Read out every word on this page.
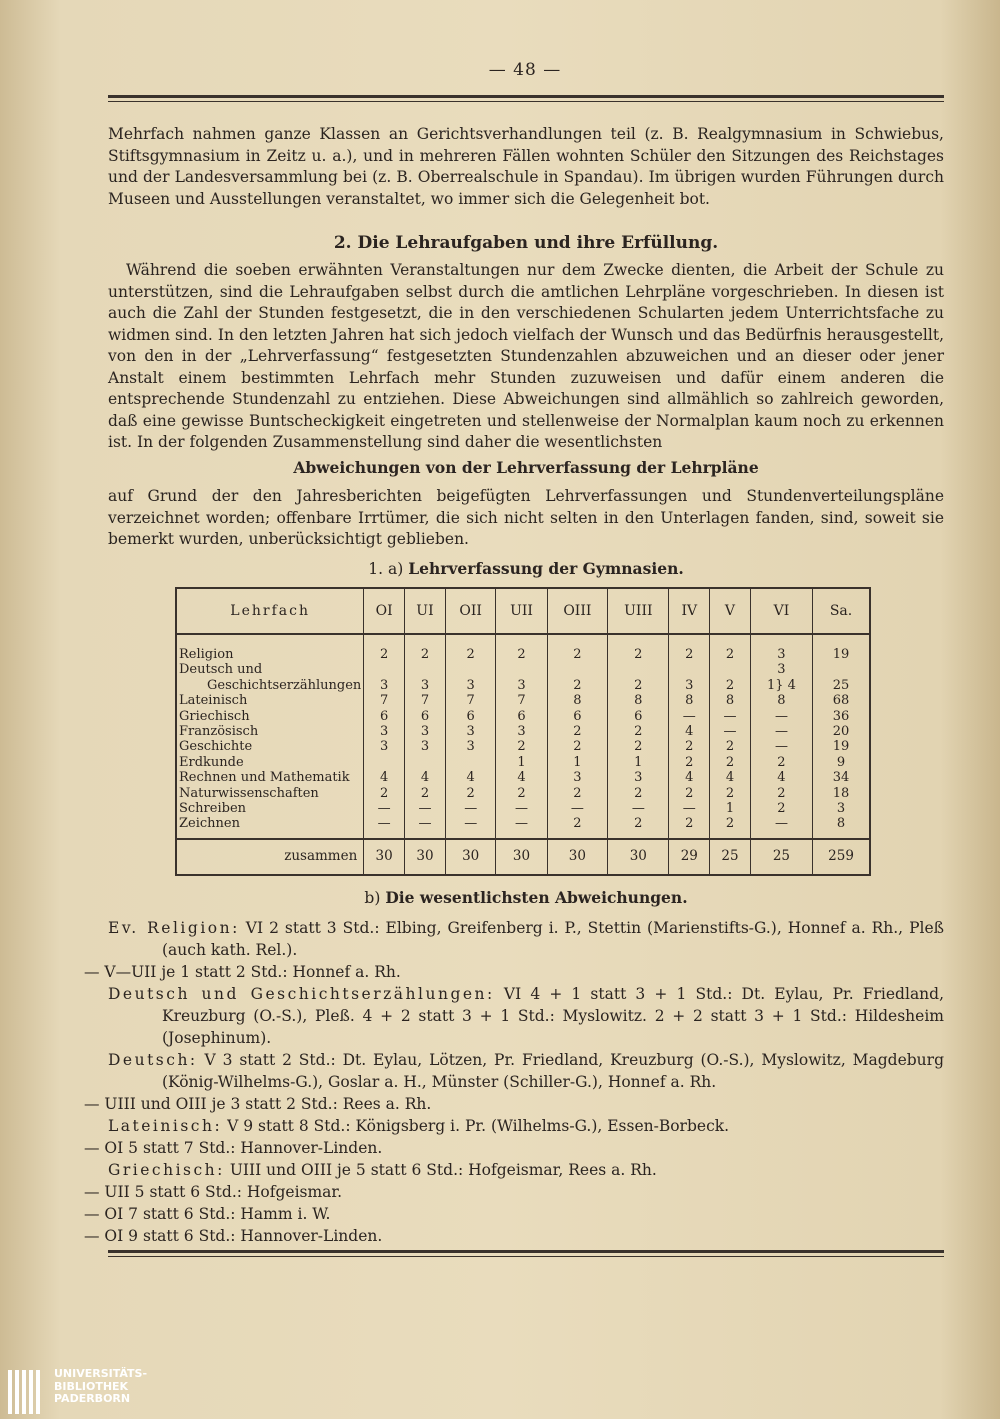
— 48 —
Mehrfach nahmen ganze Klassen an Gerichtsverhandlungen teil (z. B. Realgymnasium in Schwiebus, Stiftsgymnasium in Zeitz u. a.), und in mehreren Fällen wohnten Schüler den Sitzungen des Reichstages und der Landesversammlung bei (z. B. Oberrealschule in Spandau). Im übrigen wurden Führungen durch Museen und Ausstellungen veranstaltet, wo immer sich die Gelegenheit bot.
2. Die Lehraufgaben und ihre Erfüllung.
Während die soeben erwähnten Veranstaltungen nur dem Zwecke dienten, die Arbeit der Schule zu unterstützen, sind die Lehraufgaben selbst durch die amtlichen Lehrpläne vorgeschrieben. In diesen ist auch die Zahl der Stunden festgesetzt, die in den verschiedenen Schularten jedem Unterrichtsfache zu widmen sind. In den letzten Jahren hat sich jedoch vielfach der Wunsch und das Bedürfnis herausgestellt, von den in der „Lehrverfassung“ festgesetzten Stundenzahlen abzuweichen und an dieser oder jener Anstalt einem bestimmten Lehrfach mehr Stunden zuzuweisen und dafür einem anderen die entsprechende Stundenzahl zu entziehen. Diese Abweichungen sind allmählich so zahlreich geworden, daß eine gewisse Buntscheckigkeit eingetreten und stellenweise der Normalplan kaum noch zu erkennen ist. In der folgenden Zusammenstellung sind daher die wesentlichsten
Abweichungen von der Lehrverfassung der Lehrpläne
auf Grund der den Jahresberichten beigefügten Lehrverfassungen und Stundenverteilungspläne verzeichnet worden; offenbare Irrtümer, die sich nicht selten in den Unterlagen fanden, sind, soweit sie bemerkt wurden, unberücksichtigt geblieben.
1. a) Lehrverfassung der Gymnasien.
Lehrfach	OI	UI	OII	UII	OIII	UIII	IV	V	VI	Sa.
Religion	2	2	2	2	2	2	2	2	3	19
Deutsch und									3	
Geschichtserzählungen	3	3	3	3	2	2	3	2	1} 4	25
Lateinisch	7	7	7	7	8	8	8	8	8	68
Griechisch	6	6	6	6	6	6	—	—	—	36
Französisch	3	3	3	3	2	2	4	—	—	20
Geschichte	3	3	3	2	2	2	2	2	—	19
Erdkunde				1	1	1	2	2	2	9
Rechnen und Mathematik	4	4	4	4	3	3	4	4	4	34
Naturwissenschaften	2	2	2	2	2	2	2	2	2	18
Schreiben	—	—	—	—	—	—	—	1	2	3
Zeichnen	—	—	—	—	2	2	2	2	—	8
zusammen	30	30	30	30	30	30	29	25	25	259
b) Die wesentlichsten Abweichungen.
Ev. Religion: VI 2 statt 3 Std.: Elbing, Greifenberg i. P., Stettin (Marienstifts-G.), Honnef a. Rh., Pleß (auch kath. Rel.).
— V—UII je 1 statt 2 Std.: Honnef a. Rh.
Deutsch und Geschichtserzählungen: VI 4 + 1 statt 3 + 1 Std.: Dt. Eylau, Pr. Friedland, Kreuzburg (O.-S.), Pleß. 4 + 2 statt 3 + 1 Std.: Myslowitz. 2 + 2 statt 3 + 1 Std.: Hildesheim (Josephinum).
Deutsch: V 3 statt 2 Std.: Dt. Eylau, Lötzen, Pr. Friedland, Kreuzburg (O.-S.), Myslowitz, Magdeburg (König-Wilhelms-G.), Goslar a. H., Münster (Schiller-G.), Honnef a. Rh.
— UIII und OIII je 3 statt 2 Std.: Rees a. Rh.
Lateinisch: V 9 statt 8 Std.: Königsberg i. Pr. (Wilhelms-G.), Essen-Borbeck.
— OI 5 statt 7 Std.: Hannover-Linden.
Griechisch: UIII und OIII je 5 statt 6 Std.: Hofgeismar, Rees a. Rh.
— UII 5 statt 6 Std.: Hofgeismar.
— OI 7 statt 6 Std.: Hamm i. W.
— OI 9 statt 6 Std.: Hannover-Linden.
UNIVERSITÄTS-
BIBLIOTHEK
PADERBORN
